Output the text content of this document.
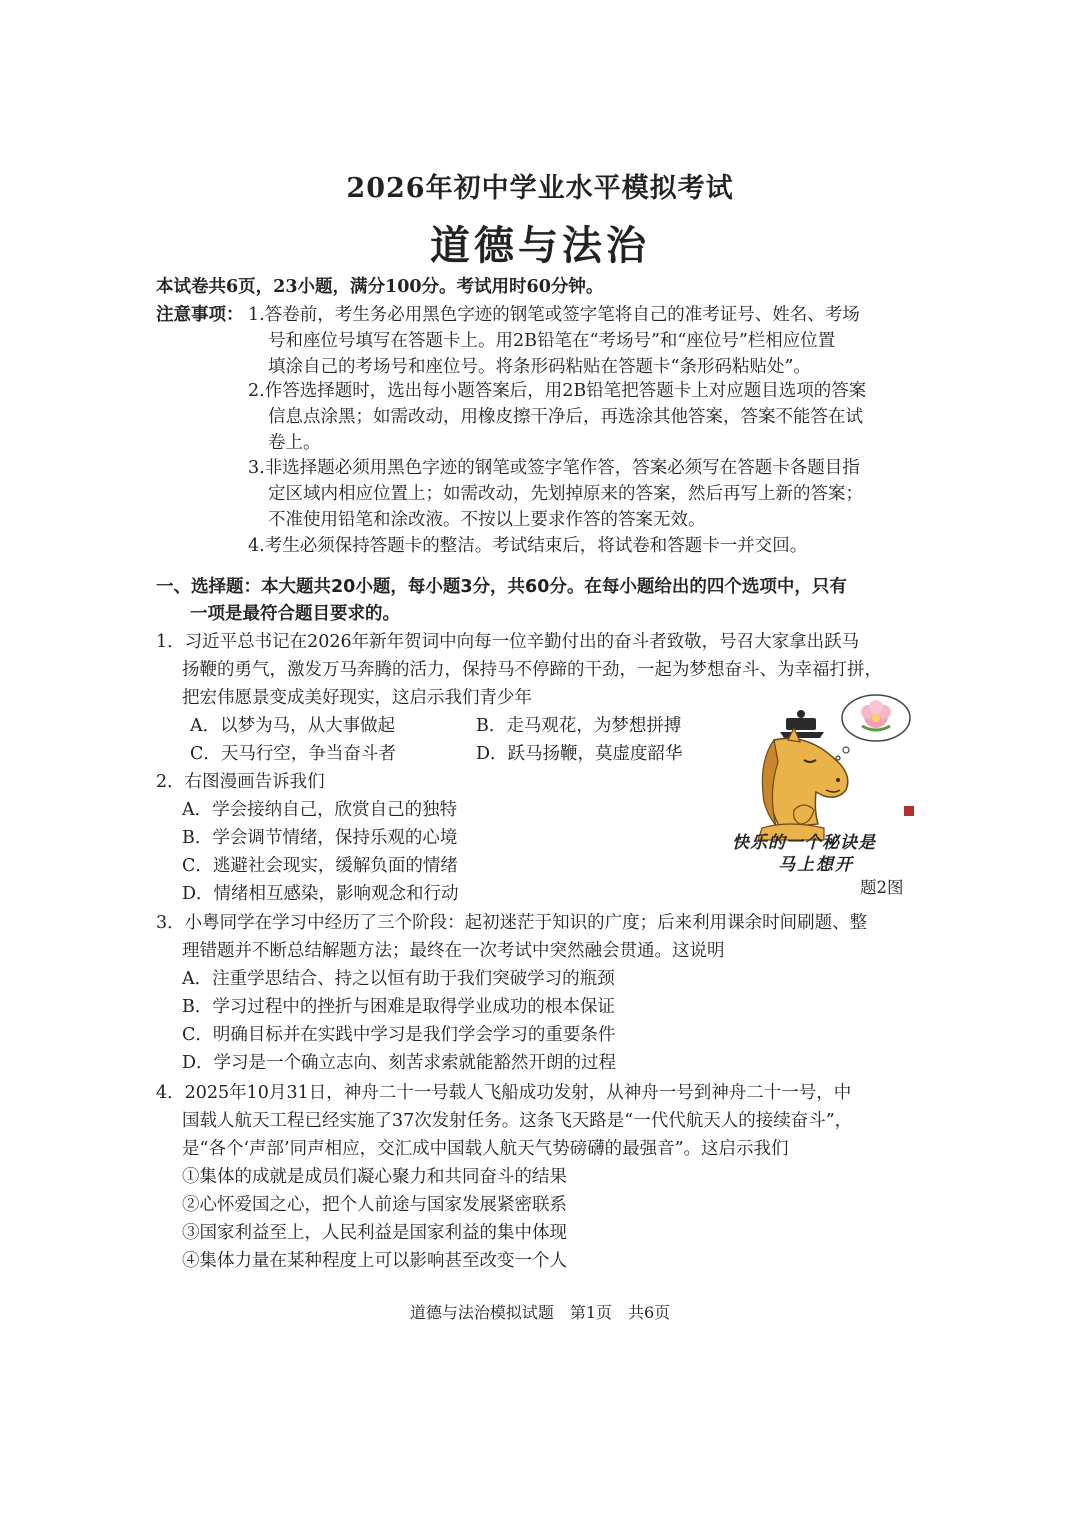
2026年初中学业水平模拟考试
道德与法治
本试卷共6页，23小题，满分100分。考试用时60分钟。
注意事项： 1.答卷前，考生务必用黑色字迹的钢笔或签字笔将自己的准考证号、姓名、考场
号和座位号填写在答题卡上。用2B铅笔在“考场号”和“座位号”栏相应位置
填涂自己的考场号和座位号。将条形码粘贴在答题卡“条形码粘贴处”。
2.作答选择题时，选出每小题答案后，用2B铅笔把答题卡上对应题目选项的答案
信息点涂黑；如需改动，用橡皮擦干净后，再选涂其他答案，答案不能答在试
卷上。
3.非选择题必须用黑色字迹的钢笔或签字笔作答，答案必须写在答题卡各题目指
定区域内相应位置上；如需改动，先划掉原来的答案，然后再写上新的答案；
不准使用铅笔和涂改液。不按以上要求作答的答案无效。
4.考生必须保持答题卡的整洁。考试结束后，将试卷和答题卡一并交回。
一、选择题：本大题共20小题，每小题3分，共60分。在每小题给出的四个选项中，只有
一项是最符合题目要求的。
1．习近平总书记在2026年新年贺词中向每一位辛勤付出的奋斗者致敬，号召大家拿出跃马
扬鞭的勇气，激发万马奔腾的活力，保持马不停蹄的干劲，一起为梦想奋斗、为幸福打拼，
把宏伟愿景变成美好现实，这启示我们青少年
A．以梦为马，从大事做起	B．走马观花，为梦想拼搏
C．天马行空，争当奋斗者	D．跃马扬鞭，莫虚度韶华
2．右图漫画告诉我们
A．学会接纳自己，欣赏自己的独特
B．学会调节情绪，保持乐观的心境
C．逃避社会现实，缓解负面的情绪
D．情绪相互感染，影响观念和行动
快乐的一个秘诀是
马上想开
题2图
3．小粤同学在学习中经历了三个阶段：起初迷茫于知识的广度；后来利用课余时间刷题、整
理错题并不断总结解题方法；最终在一次考试中突然融会贯通。这说明
A．注重学思结合、持之以恒有助于我们突破学习的瓶颈
B．学习过程中的挫折与困难是取得学业成功的根本保证
C．明确目标并在实践中学习是我们学会学习的重要条件
D．学习是一个确立志向、刻苦求索就能豁然开朗的过程
4．2025年10月31日，神舟二十一号载人飞船成功发射，从神舟一号到神舟二十一号，中
国载人航天工程已经实施了37次发射任务。这条飞天路是“一代代航天人的接续奋斗”，
是“各个‘声部’同声相应，交汇成中国载人航天气势磅礴的最强音”。这启示我们
①集体的成就是成员们凝心聚力和共同奋斗的结果
②心怀爱国之心，把个人前途与国家发展紧密联系
③国家利益至上，人民利益是国家利益的集中体现
④集体力量在某种程度上可以影响甚至改变一个人
道德与法治模拟试题　第1页　共6页
